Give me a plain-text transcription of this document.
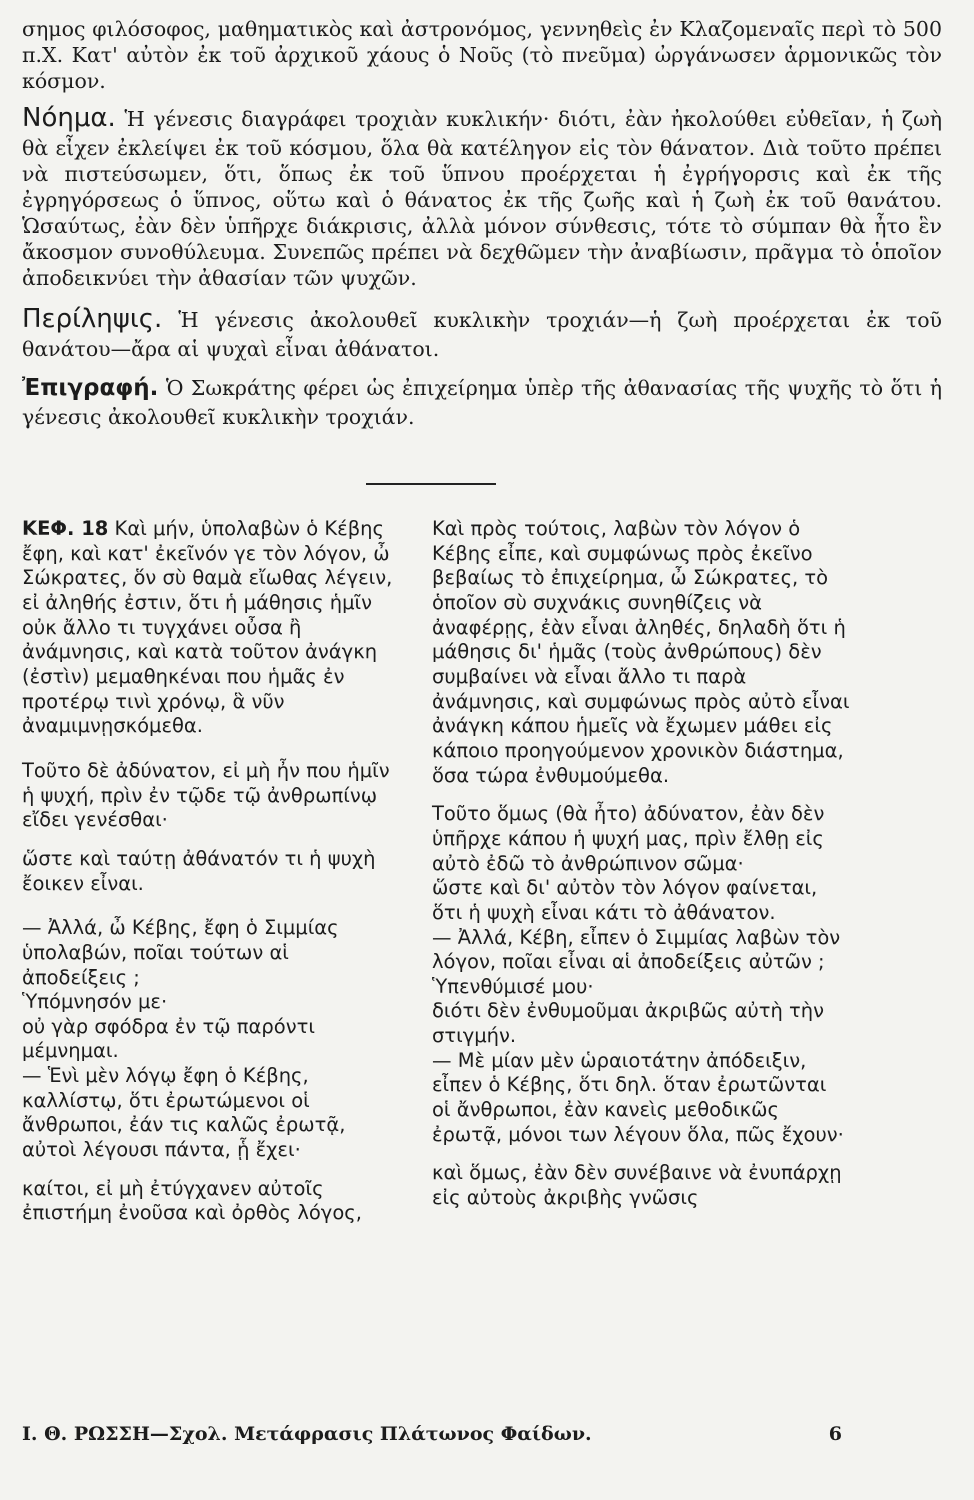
σημος φιλόσοφος, μαθηματικὸς καὶ ἀστρονόμος, γεννηθεὶς ἐν Κλαζομεναῖς περὶ τὸ 500 π.Χ. Κατ' αὐτὸν ἐκ τοῦ ἀρχικοῦ χάους ὁ Νοῦς (τὸ πνεῦμα) ὠργάνωσεν ἁρμονικῶς τὸν κόσμον.

Νόημα. Ἡ γένεσις διαγράφει τροχιὰν κυκλικήν· διότι, ἐὰν ἠκολούθει εὐθεῖαν, ἡ ζωὴ θὰ εἶχεν ἐκλείψει ἐκ τοῦ κόσμου, ὅλα θὰ κατέληγον εἰς τὸν θάνατον. Διὰ τοῦτο πρέπει νὰ πιστεύσωμεν, ὅτι, ὅπως ἐκ τοῦ ὕπνου προέρχεται ἡ ἐγρήγορσις καὶ ἐκ τῆς ἐγρηγόρσεως ὁ ὕπνος, οὕτω καὶ ὁ θάνατος ἐκ τῆς ζωῆς καὶ ἡ ζωὴ ἐκ τοῦ θανάτου. Ὡσαύτως, ἐὰν δὲν ὑπῆρχε διάκρισις, ἀλλὰ μόνον σύνθεσις, τότε τὸ σύμπαν θὰ ἦτο ἓν ἄκοσμον συνοθύλευμα. Συνεπῶς πρέπει νὰ δεχθῶμεν τὴν ἀναβίωσιν, πρᾶγμα τὸ ὁποῖον ἀποδεικνύει τὴν ἀθασίαν τῶν ψυχῶν.

Περίληψις. Ἡ γένεσις ἀκολουθεῖ κυκλικὴν τροχιάν—ἡ ζωὴ προέρχεται ἐκ τοῦ θανάτου—ἄρα αἱ ψυχαὶ εἶναι ἀθάνατοι.

Ἐπιγραφή. Ὁ Σωκράτης φέρει ὡς ἐπιχείρημα ὑπὲρ τῆς ἀθανασίας τῆς ψυχῆς τὸ ὅτι ἡ γένεσις ἀκολουθεῖ κυκλικὴν τροχιάν.

ΚΕΦ. 18 Καὶ μήν, ὑπολαβὼν ὁ Κέβης ἔφη, καὶ κατ' ἐκεῖνόν γε τὸν λόγον, ὦ Σώκρατες, ὅν σὺ θαμὰ εἴωθας λέγειν, εἰ ἀληθής ἐστιν, ὅτι ἡ μάθησις ἡμῖν οὐκ ἄλλο τι τυγχάνει οὖσα ἢ ἀνάμνησις, καὶ κατὰ τοῦτον ἀνάγκη (ἐστὶν) μεμαθηκέναι που ἡμᾶς ἐν προτέρῳ τινὶ χρόνῳ, ἃ νῦν ἀναμιμνῃσκόμεθα.

Τοῦτο δὲ ἀδύνατον, εἰ μὴ ἦν που ἡμῖν ἡ ψυχή, πρὶν ἐν τῷδε τῷ ἀνθρωπίνῳ εἴδει γενέσθαι·

ὥστε καὶ ταύτῃ ἀθάνατόν τι ἡ ψυχὴ ἔοικεν εἶναι.

— Ἀλλά, ὦ Κέβης, ἔφη ὁ Σιμμίας ὑπολαβών, ποῖαι τούτων αἱ ἀποδείξεις ;
Ὑπόμνησόν με·
οὐ γὰρ σφόδρα ἐν τῷ παρόντι μέμνημαι.
— Ἑνὶ μὲν λόγῳ ἔφη ὁ Κέβης, καλλίστῳ, ὅτι ἐρωτώμενοι οἱ ἄνθρωποι, ἐάν τις καλῶς ἐρωτᾷ, αὐτοὶ λέγουσι πάντα, ᾗ ἔχει·

καίτοι, εἰ μὴ ἐτύγχανεν αὐτοῖς ἐπιστήμη ἐνοῦσα καὶ ὀρθὸς λόγος,

Καὶ πρὸς τούτοις, λαβὼν τὸν λόγον ὁ Κέβης εἶπε, καὶ συμφώνως πρὸς ἐκεῖνο βεβαίως τὸ ἐπιχείρημα, ὦ Σώκρατες, τὸ ὁποῖον σὺ συχνάκις συνηθίζεις νὰ ἀναφέρῃς, ἐὰν εἶναι ἀληθές, δηλαδὴ ὅτι ἡ μάθησις δι' ἡμᾶς (τοὺς ἀνθρώπους) δὲν συμβαίνει νὰ εἶναι ἄλλο τι παρὰ ἀνάμνησις, καὶ συμφώνως πρὸς αὐτὸ εἶναι ἀνάγκη κάπου ἡμεῖς νὰ ἔχωμεν μάθει εἰς κάποιο προηγούμενον χρονικὸν διάστημα, ὅσα τώρα ἐνθυμούμεθα.

Τοῦτο ὅμως (θὰ ἦτο) ἀδύνατον, ἐὰν δὲν ὑπῆρχε κάπου ἡ ψυχή μας, πρὶν ἔλθῃ εἰς αὐτὸ ἐδῶ τὸ ἀνθρώπινον σῶμα·
ὥστε καὶ δι' αὐτὸν τὸν λόγον φαίνεται, ὅτι ἡ ψυχὴ εἶναι κάτι τὸ ἀθάνατον.
— Ἀλλά, Κέβη, εἶπεν ὁ Σιμμίας λαβὼν τὸν λόγον, ποῖαι εἶναι αἱ ἀποδείξεις αὐτῶν ;
Ὑπενθύμισέ μου·
διότι δὲν ἐνθυμοῦμαι ἀκριβῶς αὐτὴ τὴν στιγμήν.
— Μὲ μίαν μὲν ὡραιοτάτην ἀπόδειξιν, εἶπεν ὁ Κέβης, ὅτι δηλ. ὅταν ἐρωτῶνται οἱ ἄνθρωποι, ἐὰν κανεὶς μεθοδικῶς ἐρωτᾷ, μόνοι των λέγουν ὅλα, πῶς ἔχουν·

καὶ ὅμως, ἐὰν δὲν συνέβαινε νὰ ἐνυπάρχῃ εἰς αὐτοὺς ἀκριβὴς γνῶσις

Ι. Θ. ΡΩΣΣΗ—Σχολ. Μετάφρασις Πλάτωνος Φαίδων.	6
